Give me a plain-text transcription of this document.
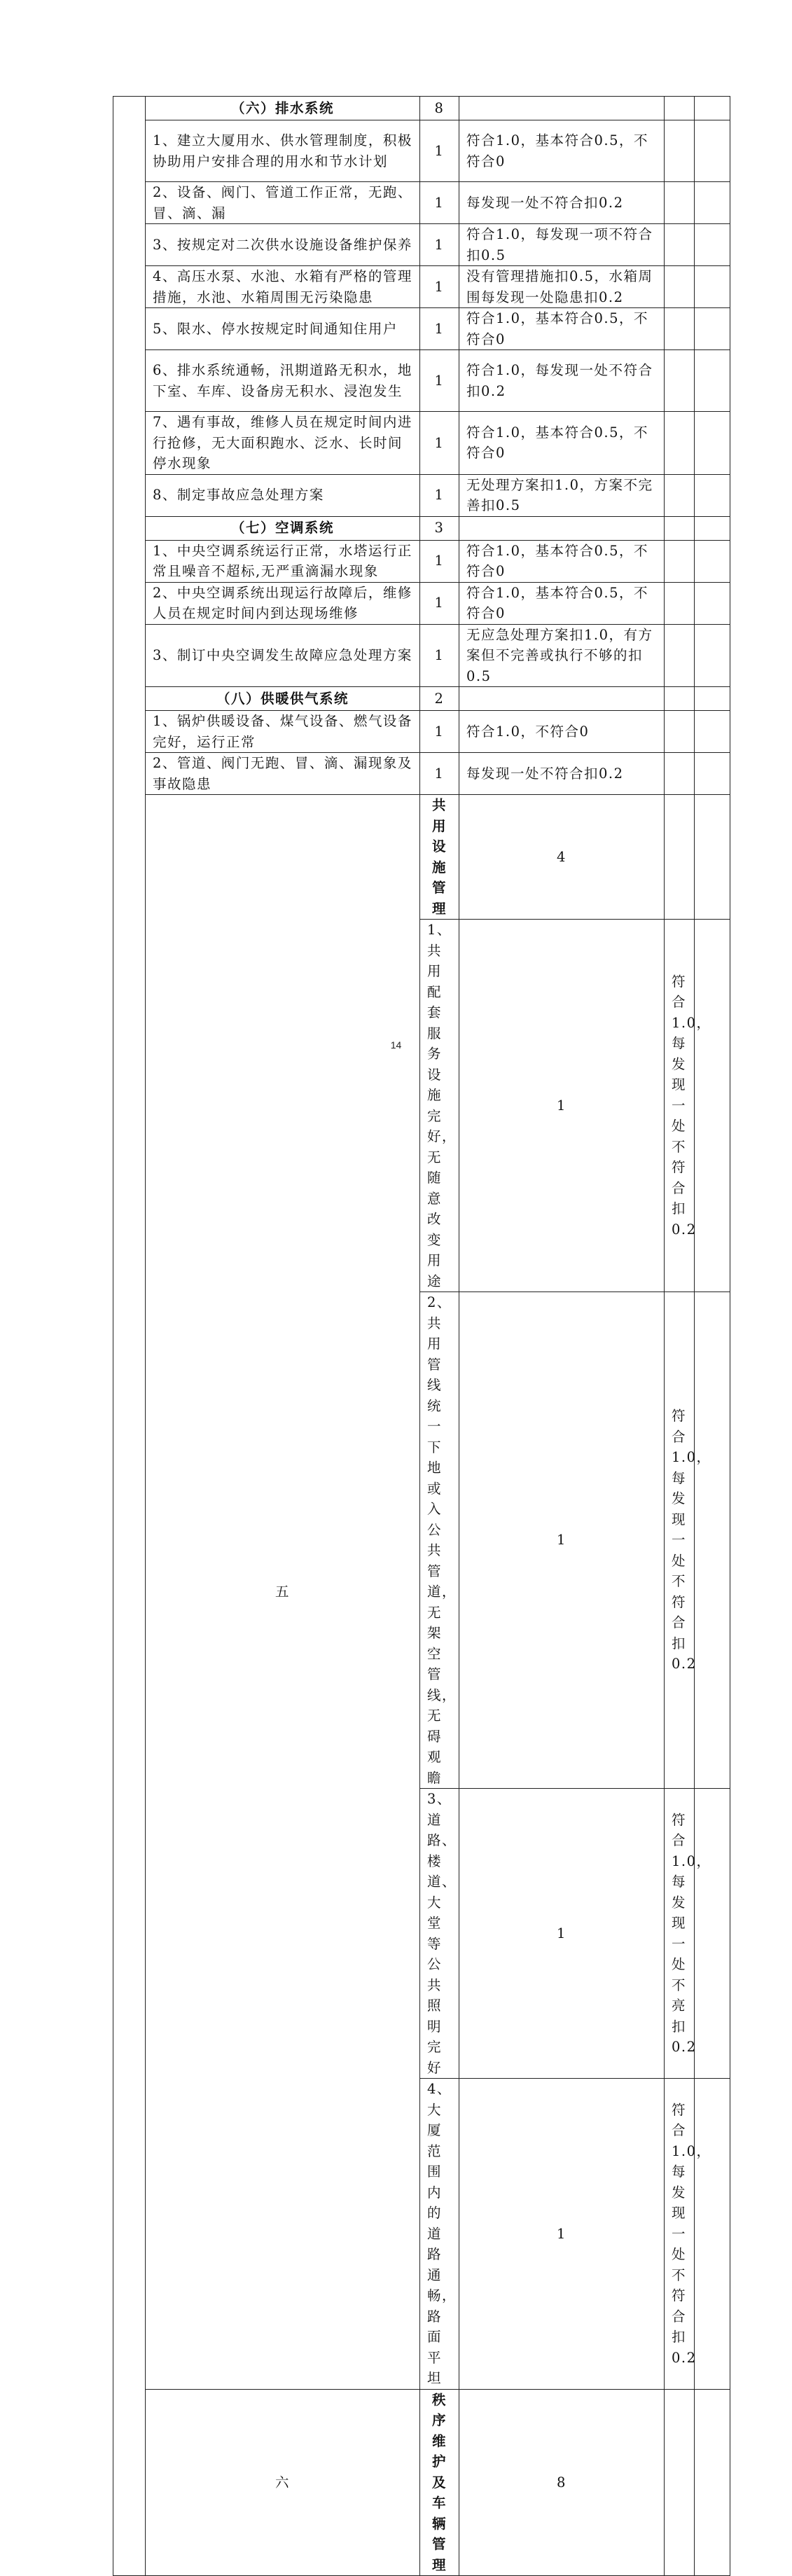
	（六）排水系统	8				
	1、建立大厦用水、供水管理制度，积极协助用户安排合理的用水和节水计划	1	符合1.0，基本符合0.5，不符合0			
	2、设备、阀门、管道工作正常，无跑、冒、滴、漏	1	每发现一处不符合扣0.2			
	3、按规定对二次供水设施设备维护保养	1	符合1.0，每发现一项不符合扣0.5			
	4、高压水泵、水池、水箱有严格的管理措施，水池、水箱周围无污染隐患	1	没有管理措施扣0.5，水箱周围每发现一处隐患扣0.2			
	5、限水、停水按规定时间通知住用户	1	符合1.0，基本符合0.5，不符合0			
	6、排水系统通畅，汛期道路无积水，地下室、车库、设备房无积水、浸泡发生	1	符合1.0，每发现一处不符合扣0.2			
	7、遇有事故，维修人员在规定时间内进行抢修，无大面积跑水、泛水、长时间停水现象	1	符合1.0，基本符合0.5，不符合0			
	8、制定事故应急处理方案	1	无处理方案扣1.0，方案不完善扣0.5			
	（七）空调系统	3				
	1、中央空调系统运行正常，水塔运行正常且噪音不超标,无严重滴漏水现象	1	符合1.0，基本符合0.5，不符合0			
	2、中央空调系统出现运行故障后，维修人员在规定时间内到达现场维修	1	符合1.0，基本符合0.5，不符合0			
	3、制订中央空调发生故障应急处理方案	1	无应急处理方案扣1.0，有方案但不完善或执行不够的扣0.5			
	（八）供暖供气系统	2				
	1、锅炉供暖设备、煤气设备、燃气设备完好，运行正常	1	符合1.0，不符合0			
	2、管道、阀门无跑、冒、滴、漏现象及事故隐患	1	每发现一处不符合扣0.2			
	五	共用设施管理	4			
		1、共用配套服务设施完好，无随意改变用途	1	符合1.0，每发现一处不符合扣0.2		
		2、共用管线统一下地或入公共管道，无架空管线，无碍观瞻	1	符合1.0，每发现一处不符合扣0.2		
		3、道路、楼道、大堂等公共照明完好	1	符合1.0，每发现一处不亮扣0.2		
		4、大厦范围内的道路通畅，路面平坦	1	符合1.0，每发现一处不符合扣0.2		
	六	秩序维护及车辆管理	8			
14
